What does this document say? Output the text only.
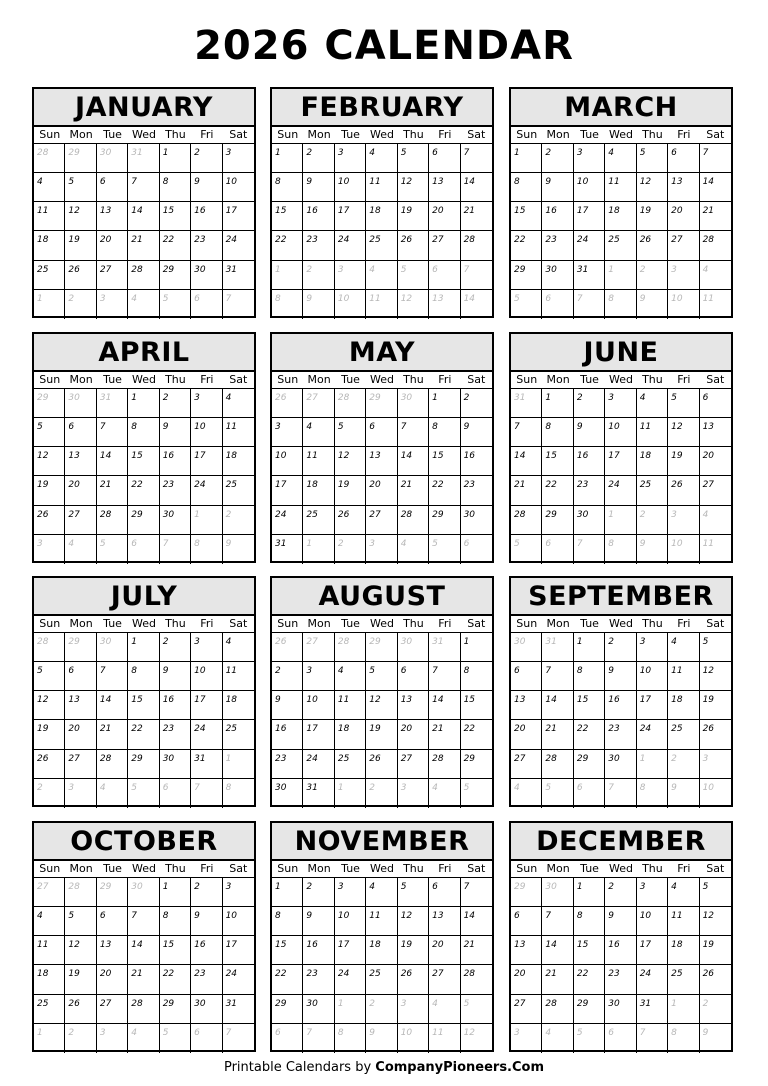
2026 CALENDAR
JANUARY
Sun Mon Tue Wed Thu	Fri	Sat
28	29	30	31	1	2	3
4	5	6	7	8	9	10
11	12	13	14	15	16	17
18	19	20	21	22	23	24
25	26	27	28	29	30	31
1	2	3	4	5	6	7
FEBRUARY
Sun Mon Tue Wed Thu	Fri	Sat
1	2	3	4	5	6	7
8	9	10	11	12	13	14
15	16	17	18	19	20	21
22	23	24	25	26	27	28
1	2	3	4	5	6	7
8	9	10	11	12	13	14
MARCH
Sun Mon Tue Wed Thu	Fri	Sat
1	2	3	4	5	6	7
8	9	10	11	12	13	14
15	16	17	18	19	20	21
22	23	24	25	26	27	28
29	30	31	1	2	3	4
5	6	7	8	9	10	11
APRIL
Sun Mon Tue Wed Thu	Fri	Sat
29	30	31	1	2	3	4
5	6	7	8	9	10	11
12	13	14	15	16	17	18
19	20	21	22	23	24	25
26	27	28	29	30	1	2
3	4	5	6	7	8	9
MAY
Sun Mon Tue Wed Thu	Fri	Sat
26	27	28	29	30	1	2
3	4	5	6	7	8	9
10	11	12	13	14	15	16
17	18	19	20	21	22	23
24	25	26	27	28	29	30
31	1	2	3	4	5	6
JUNE
Sun Mon Tue Wed Thu	Fri	Sat
31	1	2	3	4	5	6
7	8	9	10	11	12	13
14	15	16	17	18	19	20
21	22	23	24	25	26	27
28	29	30	1	2	3	4
5	6	7	8	9	10	11
JULY
Sun Mon Tue Wed Thu	Fri	Sat
28	29	30	1	2	3	4
5	6	7	8	9	10	11
12	13	14	15	16	17	18
19	20	21	22	23	24	25
26	27	28	29	30	31	1
2	3	4	5	6	7	8
AUGUST
Sun Mon Tue Wed Thu	Fri	Sat
26	27	28	29	30	31	1
2	3	4	5	6	7	8
9	10	11	12	13	14	15
16	17	18	19	20	21	22
23	24	25	26	27	28	29
30	31	1	2	3	4	5
SEPTEMBER
Sun Mon Tue Wed Thu	Fri	Sat
30	31	1	2	3	4	5
6	7	8	9	10	11	12
13	14	15	16	17	18	19
20	21	22	23	24	25	26
27	28	29	30	1	2	3
4	5	6	7	8	9	10
OCTOBER
Sun Mon Tue Wed Thu	Fri	Sat
27	28	29	30	1	2	3
4	5	6	7	8	9	10
11	12	13	14	15	16	17
18	19	20	21	22	23	24
25	26	27	28	29	30	31
1	2	3	4	5	6	7
NOVEMBER
Sun Mon Tue Wed Thu	Fri	Sat
1	2	3	4	5	6	7
8	9	10	11	12	13	14
15	16	17	18	19	20	21
22	23	24	25	26	27	28
29	30	1	2	3	4	5
6	7	8	9	10	11	12
DECEMBER
Sun Mon Tue Wed Thu	Fri	Sat
29	30	1	2	3	4	5
6	7	8	9	10	11	12
13	14	15	16	17	18	19
20	21	22	23	24	25	26
27	28	29	30	31	1	2
3	4	5	6	7	8	9
Printable Calendars by CompanyPioneers.Com
